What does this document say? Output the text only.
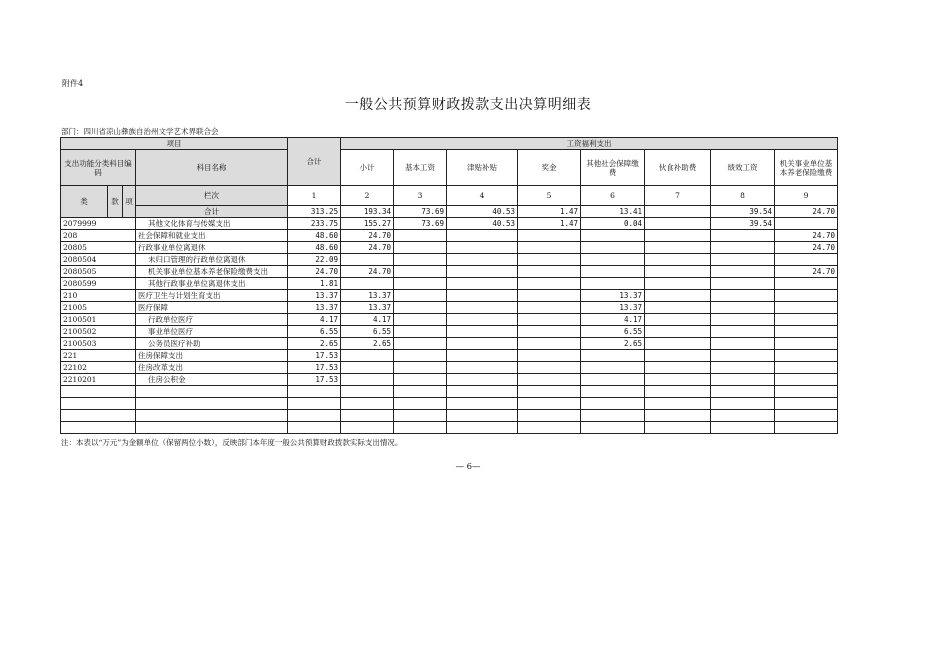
附件4
一般公共预算财政拨款支出决算明细表
部门：四川省凉山彝族自治州文学艺术界联合会
项目				合计	工资福利支出							
支出功能分类科目编码			科目名称		小计	基本工资	津贴补贴	奖金	其他社会保障缴费	伙食补助费	绩效工资	机关事业单位基本养老保险缴费

类	款	项	栏次	1	2	3	4	5	6	7	8	9
			合计	313.25	193.34	73.69	40.53	1.47	13.41		39.54	24.70
2079999			其他文化体育与传媒支出	233.75	155.27	73.69	40.53	1.47	0.04		39.54	
208			社会保障和就业支出	48.60	24.70							24.70
20805			行政事业单位离退休	48.60	24.70							24.70
2080504			未归口管理的行政单位离退休	22.09								
2080505			机关事业单位基本养老保险缴费支出	24.70	24.70							24.70
2080599			其他行政事业单位离退休支出	1.81								
210			医疗卫生与计划生育支出	13.37	13.37				13.37			
21005			医疗保障	13.37	13.37				13.37			
2100501			行政单位医疗	4.17	4.17				4.17			
2100502			事业单位医疗	6.55	6.55				6.55			
2100503			公务员医疗补助	2.65	2.65				2.65			
221			住房保障支出	17.53								
22102			住房改革支出	17.53								
2210201			住房公积金	17.53								

注：本表以“万元”为金额单位（保留两位小数），反映部门本年度一般公共预算财政拨款实际支出情况。
— 6—
